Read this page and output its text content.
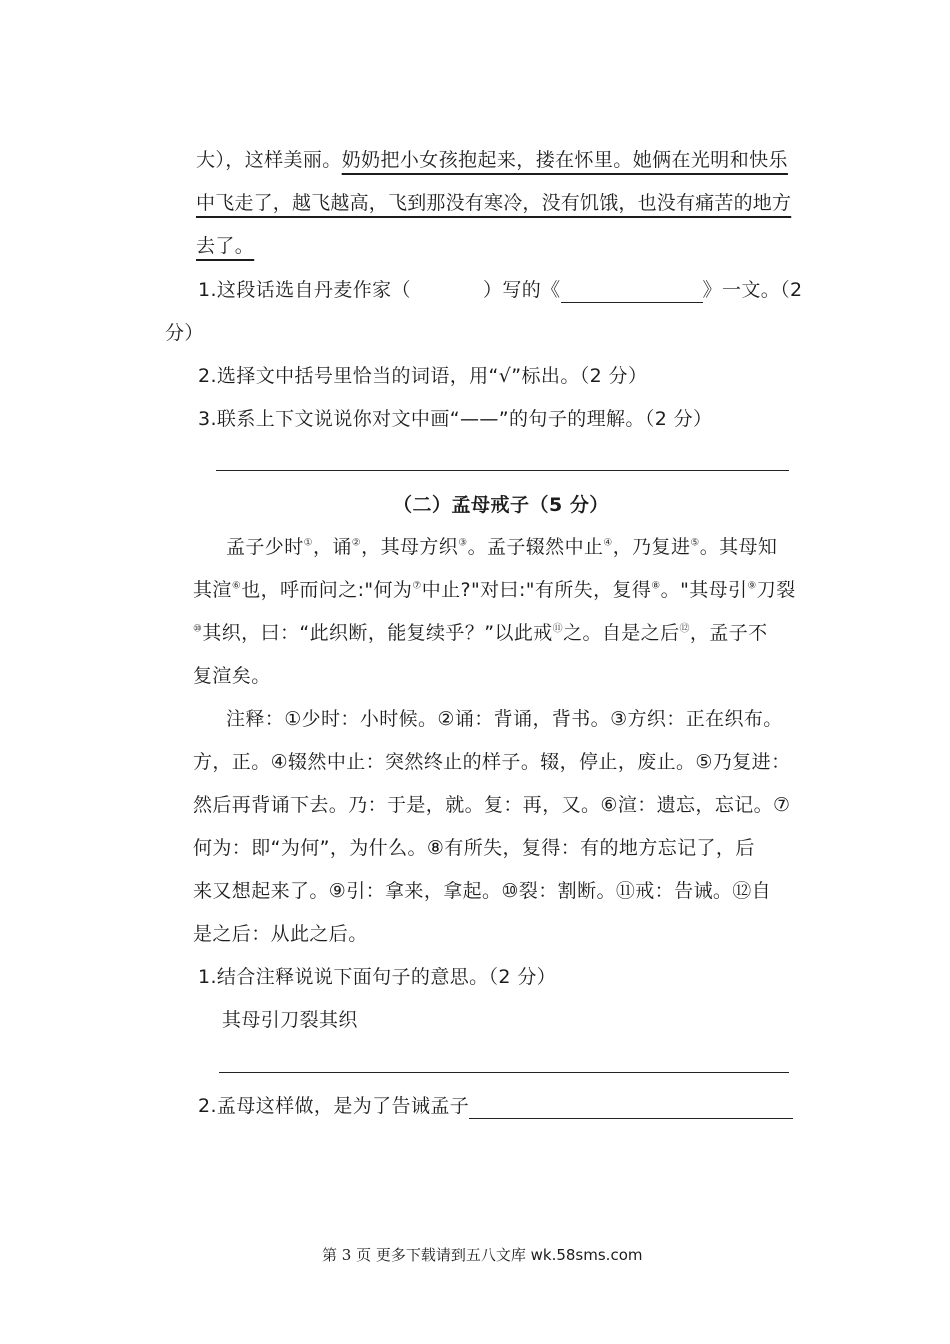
大），这样美丽。奶奶把小女孩抱起来，搂在怀里。她俩在光明和快乐
中飞走了，越飞越高，飞到那没有寒冷，没有饥饿，也没有痛苦的地方
去了。
1.这段话选自丹麦作家（	）写的《	》一文。（2
分）
2.选择文中括号里恰当的词语，用“√”标出。（2 分）
3.联系上下文说说你对文中画“——”的句子的理解。（2 分）
（二）孟母戒子（5 分）
孟子少时①，诵②，其母方织③。孟子辍然中止④，乃复进⑤。其母知
其渲⑥也，呼而问之:"何为⑦中止?"对曰:"有所失，复得⑧。"其母引⑨刀裂
⑩其织，曰：“此织断，能复续乎？”以此戒⑪之。自是之后⑫，孟子不
复渲矣。
注释：①少时：小时候。②诵：背诵，背书。③方织：正在织布。
方，正。④辍然中止：突然终止的样子。辍，停止，废止。⑤乃复进：
然后再背诵下去。乃：于是，就。复：再，又。⑥渲：遗忘，忘记。⑦
何为：即“为何”，为什么。⑧有所失，复得：有的地方忘记了，后
来又想起来了。⑨引：拿来，拿起。⑩裂：割断。⑪戒：告诫。⑫自
是之后：从此之后。
1.结合注释说说下面句子的意思。（2 分）
其母引刀裂其织
2.孟母这样做，是为了告诫孟子
第 3 页 更多下载请到五八文库 wk.58sms.com
